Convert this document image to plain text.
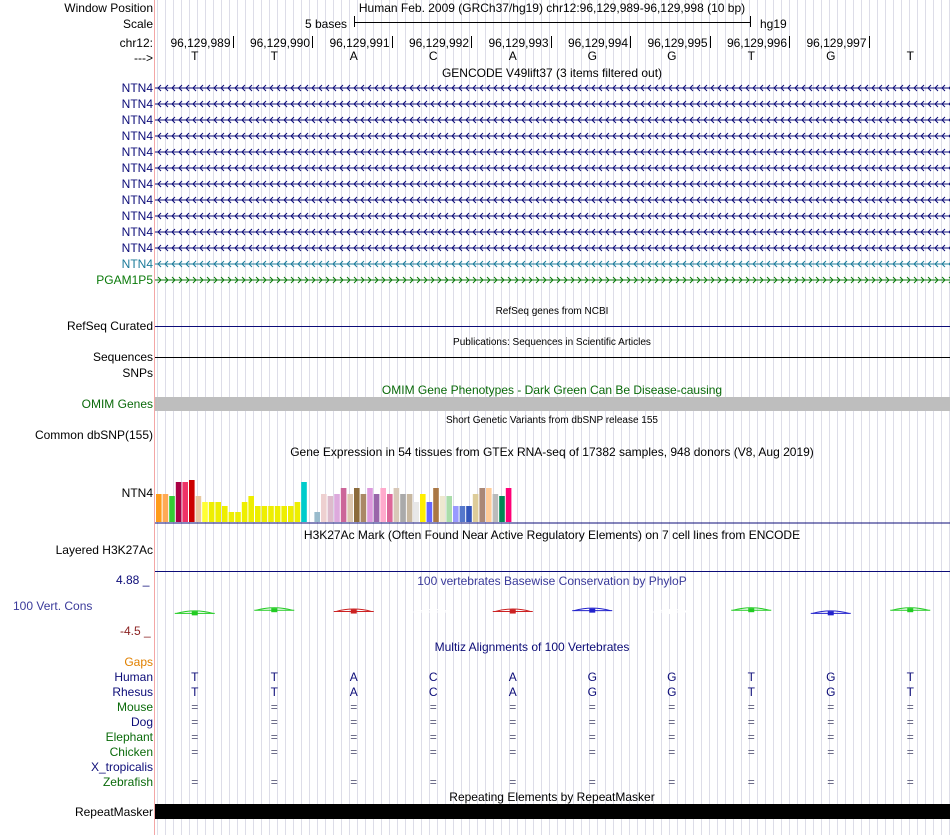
Window Position	Human Feb. 2009 (GRCh37/hg19) chr12:96,129,989-96,129,998 (10 bp)
Scale	5 bases	hg19
chr12:
--->
GENCODE V49lift37 (3 items filtered out)
RefSeq genes from NCBI
RefSeq Curated
Publications: Sequences in Scientific Articles
Sequences
SNPs
OMIM Gene Phenotypes - Dark Green Can Be Disease-causing
OMIM Genes
Short Genetic Variants from dbSNP release 155
Common dbSNP(155)
Gene Expression in 54 tissues from GTEx RNA-seq of 17382 samples, 948 donors (V8, Aug 2019)
NTN4
H3K27Ac Mark (Often Found Near Active Regulatory Elements) on 7 cell lines from ENCODE
Layered H3K27Ac
100 vertebrates Basewise Conservation by PhyloP
4.88 _
100 Vert. Cons
-4.5 _
Multiz Alignments of 100 Vertebrates
Repeating Elements by RepeatMasker
RepeatMasker
96,129,989	96,129,990	96,129,991	96,129,992	96,129,993	96,129,994	96,129,995	96,129,996	96,129,997
T	T	A	C	A	G	G	T	G	T
NTN4
NTN4
NTN4
NTN4
NTN4
NTN4
NTN4
NTN4
NTN4
NTN4
NTN4
NTN4
PGAM1P5
Gaps
Human	T	T	A	C	A	G	G	T	G	T
Rhesus	T	T	A	C	A	G	G	T	G	T
Mouse	=	=	=	=	=	=	=	=	=	=
Dog	=	=	=	=	=	=	=	=	=	=
Elephant	=	=	=	=	=	=	=	=	=	=
Chicken	=	=	=	=	=	=	=	=	=	=
X_tropicalis
Zebrafish	=	=	=	=	=	=	=	=	=	=
